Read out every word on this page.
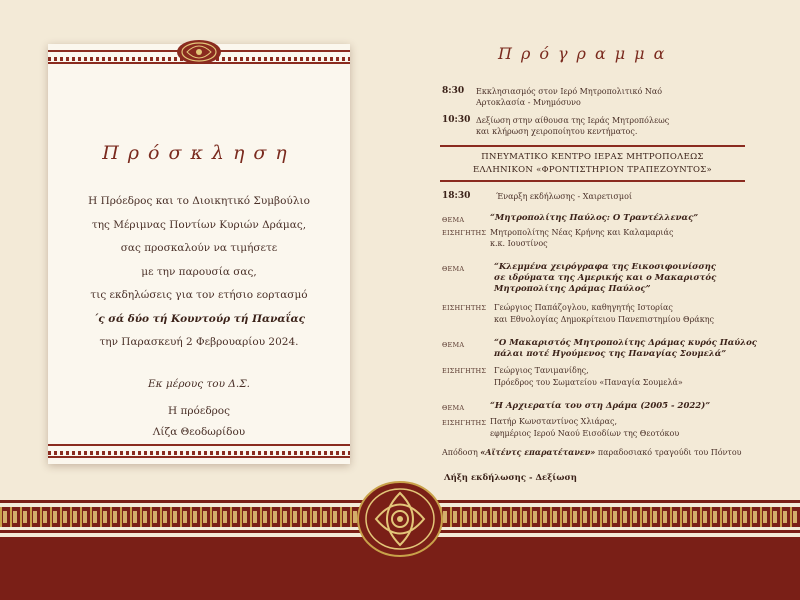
Πρόσκληση
Η Πρόεδρος και το Διοικητικό Συμβούλιο
της Μέριμνας Ποντίων Κυριών Δράμας,
σας προσκαλούν να τιμήσετε
με την παρουσία σας,
τις εκδηλώσεις για τον ετήσιο εορτασμό
΄ς σά δύο τή Κουντούρ τή Παναΐας
την Παρασκευή 2 Φεβρουαρίου 2024.
Εκ μέρους του Δ.Σ.
Η πρόεδρος
Λίζα Θεοδωρίδου
Πρόγραμμα
8:30 Εκκλησιασμός στον Ιερό Μητροπολιτικό Ναό
Αρτοκλασία - Μνημόσυνο
10:30 Δεξίωση στην αίθουσα της Ιεράς Μητροπόλεως
και κλήρωση χειροποίητου κεντήματος.
ΠΝΕΥΜΑΤΙΚΟ ΚΕΝΤΡΟ ΙΕΡΑΣ ΜΗΤΡΟΠΟΛΕΩΣ
ΕΛΛΗΝΙΚΟΝ «ΦΡΟΝΤΙΣΤΗΡΙΟΝ ΤΡΑΠΕΖΟΥΝΤΟΣ»
18:30	Έναρξη εκδήλωσης - Χαιρετισμοί
ΘΕΜΑ	“Μητροπολίτης Παύλος: Ο Τραντέλλενας”
ΕΙΣΗΓΗΤΗΣ Μητροπολίτης Νέας Κρήνης και Καλαμαριάς
κ.κ. Ιουστίνος
ΘΕΜΑ	“Κλεμμένα χειρόγραφα της Εικοσιφοινίσσης
σε ιδρύματα της Αμερικής και ο Μακαριστός
Μητροπολίτης Δράμας Παύλος”
ΕΙΣΗΓΗΤΗΣ Γεώργιος Παπάζογλου, καθηγητής Ιστορίας
και Εθνολογίας Δημοκρίτειου Πανεπιστημίου Θράκης
ΘΕΜΑ	“Ο Μακαριστός Μητροπολίτης Δράμας κυρός Παύλος
πάλαι ποτέ Ηγούμενος της Παναγίας Σουμελά”
ΕΙΣΗΓΗΤΗΣ Γεώργιος Τανιμανίδης,
Πρόεδρος του Σωματείου «Παναγία Σουμελά»
ΘΕΜΑ	“Η Αρχιερατία του στη Δράμα (2005 - 2022)”
ΕΙΣΗΓΗΤΗΣ Πατήρ Κωνσταντίνος Χλιάρας,
εφημέριος Ιερού Ναού Εισοδίων της Θεοτόκου
Απόδοση «Αϊτέντς επαρατέτανεν» παραδοσιακό τραγούδι του Πόντου
Λήξη εκδήλωσης - Δεξίωση
